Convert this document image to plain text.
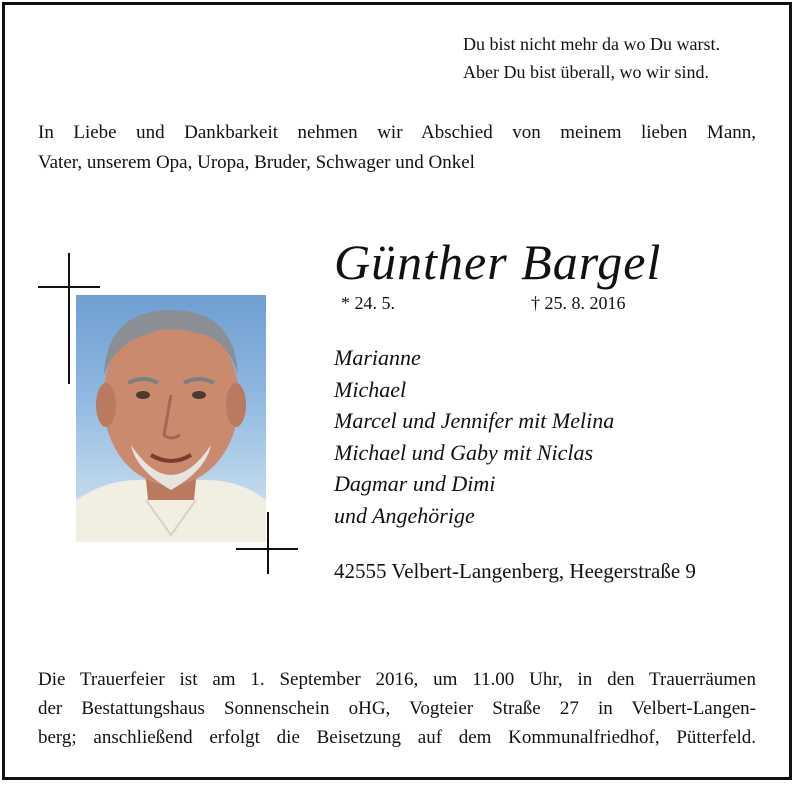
Du bist nicht mehr da wo Du warst.
Aber Du bist überall, wo wir sind.
In Liebe und Dankbarkeit nehmen wir Abschied von meinem lieben Mann,
Vater, unserem Opa, Uropa, Bruder, Schwager und Onkel
Günther Bargel
* 24. 5.	† 25. 8. 2016
Marianne
Michael
Marcel und Jennifer mit Melina
Michael und Gaby mit Niclas
Dagmar und Dimi
und Angehörige
42555 Velbert-Langenberg, Heegerstraße 9
Die Trauerfeier ist am 1. September 2016, um 11.00 Uhr, in den Trauerräumen
der Bestattungshaus Sonnenschein oHG, Vogteier Straße 27 in Velbert-Langen-
berg; anschließend erfolgt die Beisetzung auf dem Kommunalfriedhof, Pütterfeld.
